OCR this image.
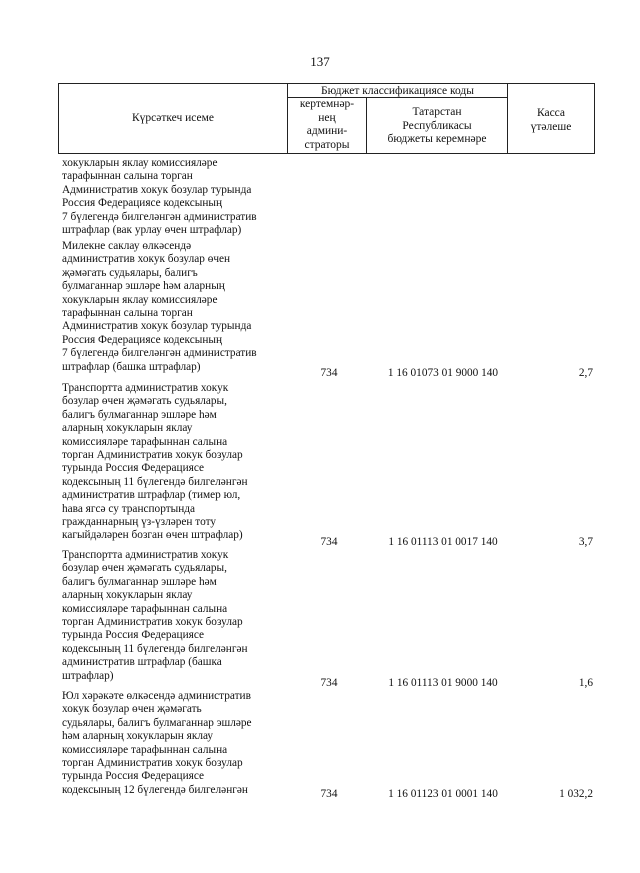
137
Күрсәткеч исеме
Бюджет классификациясе коды
кертемнәр-
нең
админи-
страторы
Татарстан
Республикасы
бюджеты керемнәре
Касса
үтәлеше
хокукларын яклау комиссияләре
тарафыннан салына торган
Административ хокук бозулар турында
Россия Федерациясе кодексының
7 бүлегендә билгеләнгән административ
штрафлар (вак урлау өчен штрафлар)
Милекне саклау өлкәсендә
административ хокук бозулар өчен
җәмәгать судьялары, балигъ
булмаганнар эшләре һәм аларның
хокукларын яклау комиссияләре
тарафыннан салына торган
Административ хокук бозулар турында
Россия Федерациясе кодексының
7 бүлегендә билгеләнгән административ
штрафлар (башка штрафлар)
734	1 16 01073 01 9000 140	2,7
Транспортта административ хокук
бозулар өчен җәмәгать судьялары,
балигъ булмаганнар эшләре һәм
аларның хокукларын яклау
комиссияләре тарафыннан салына
торган Административ хокук бозулар
турында Россия Федерациясе
кодексының 11 бүлегендә билгеләнгән
административ штрафлар (тимер юл,
һава ягсә су транспортында
гражданнарның үз-үзләрен тоту
кагыйдәләрен бозган өчен штрафлар)
734	1 16 01113 01 0017 140	3,7
Транспортта административ хокук
бозулар өчен җәмәгать судьялары,
балигъ булмаганнар эшләре һәм
аларның хокукларын яклау
комиссияләре тарафыннан салына
торган Административ хокук бозулар
турында Россия Федерациясе
кодексының 11 бүлегендә билгеләнгән
административ штрафлар (башка
штрафлар)
734	1 16 01113 01 9000 140	1,6
Юл хәрәкәте өлкәсендә административ
хокук бозулар өчен җәмәгать
судьялары, балигъ булмаганнар эшләре
һәм аларның хокукларын яклау
комиссияләре тарафыннан салына
торган Административ хокук бозулар
турында Россия Федерациясе
кодексының 12 бүлегендә билгеләнгән	734	1 16 01123 01 0001 140	1 032,2
